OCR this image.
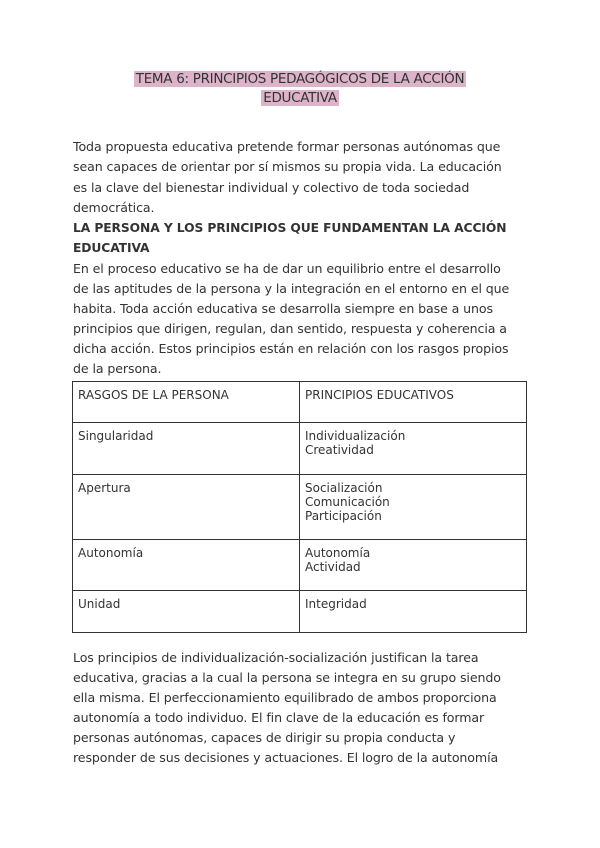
TEMA 6: PRINCIPIOS PEDAGÓGICOS DE LA ACCIÓN
EDUCATIVA
Toda propuesta educativa pretende formar personas autónomas que
sean capaces de orientar por sí mismos su propia vida. La educación
es la clave del bienestar individual y colectivo de toda sociedad
democrática.
LA PERSONA Y LOS PRINCIPIOS QUE FUNDAMENTAN LA ACCIÓN
EDUCATIVA
En el proceso educativo se ha de dar un equilibrio entre el desarrollo
de las aptitudes de la persona y la integración en el entorno en el que
habita. Toda acción educativa se desarrolla siempre en base a unos
principios que dirigen, regulan, dan sentido, respuesta y coherencia a
dicha acción. Estos principios están en relación con los rasgos propios
de la persona.
RASGOS DE LA PERSONA	PRINCIPIOS EDUCATIVOS
Singularidad	Individualización
Creatividad

Apertura	Socialización
Comunicación
Participación

Autonomía	Autonomía
Actividad

Unidad	Integridad
Los principios de individualización-socialización justifican la tarea
educativa, gracias a la cual la persona se integra en su grupo siendo
ella misma. El perfeccionamiento equilibrado de ambos proporciona
autonomía a todo individuo. El fin clave de la educación es formar
personas autónomas, capaces de dirigir su propia conducta y
responder de sus decisiones y actuaciones. El logro de la autonomía
